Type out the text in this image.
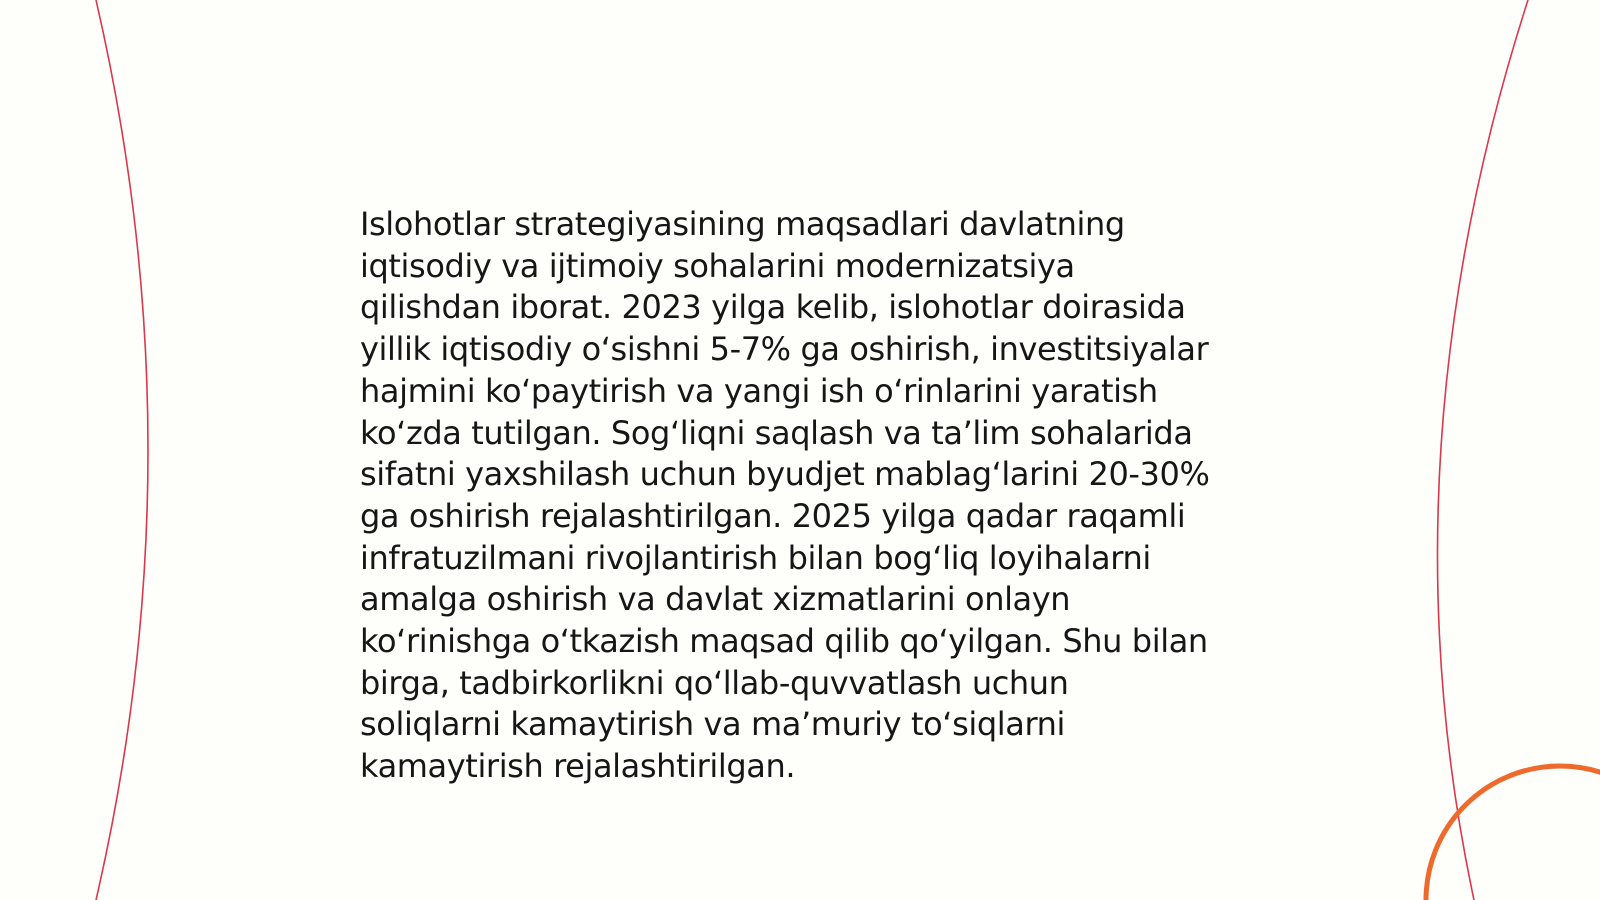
Islohotlar strategiyasining maqsadlari davlatning
iqtisodiy va ijtimoiy sohalarini modernizatsiya
qilishdan iborat. 2023 yilga kelib, islohotlar doirasida
yillik iqtisodiy oʻsishni 5-7% ga oshirish, investitsiyalar
hajmini koʻpaytirish va yangi ish oʻrinlarini yaratish
koʻzda tutilgan. Sogʻliqni saqlash va taʼlim sohalarida
sifatni yaxshilash uchun byudjet mablagʻlarini 20-30%
ga oshirish rejalashtirilgan. 2025 yilga qadar raqamli
infratuzilmani rivojlantirish bilan bogʻliq loyihalarni
amalga oshirish va davlat xizmatlarini onlayn
koʻrinishga oʻtkazish maqsad qilib qoʻyilgan. Shu bilan
birga, tadbirkorlikni qoʻllab-quvvatlash uchun
soliqlarni kamaytirish va maʼmuriy toʻsiqlarni
kamaytirish rejalashtirilgan.
